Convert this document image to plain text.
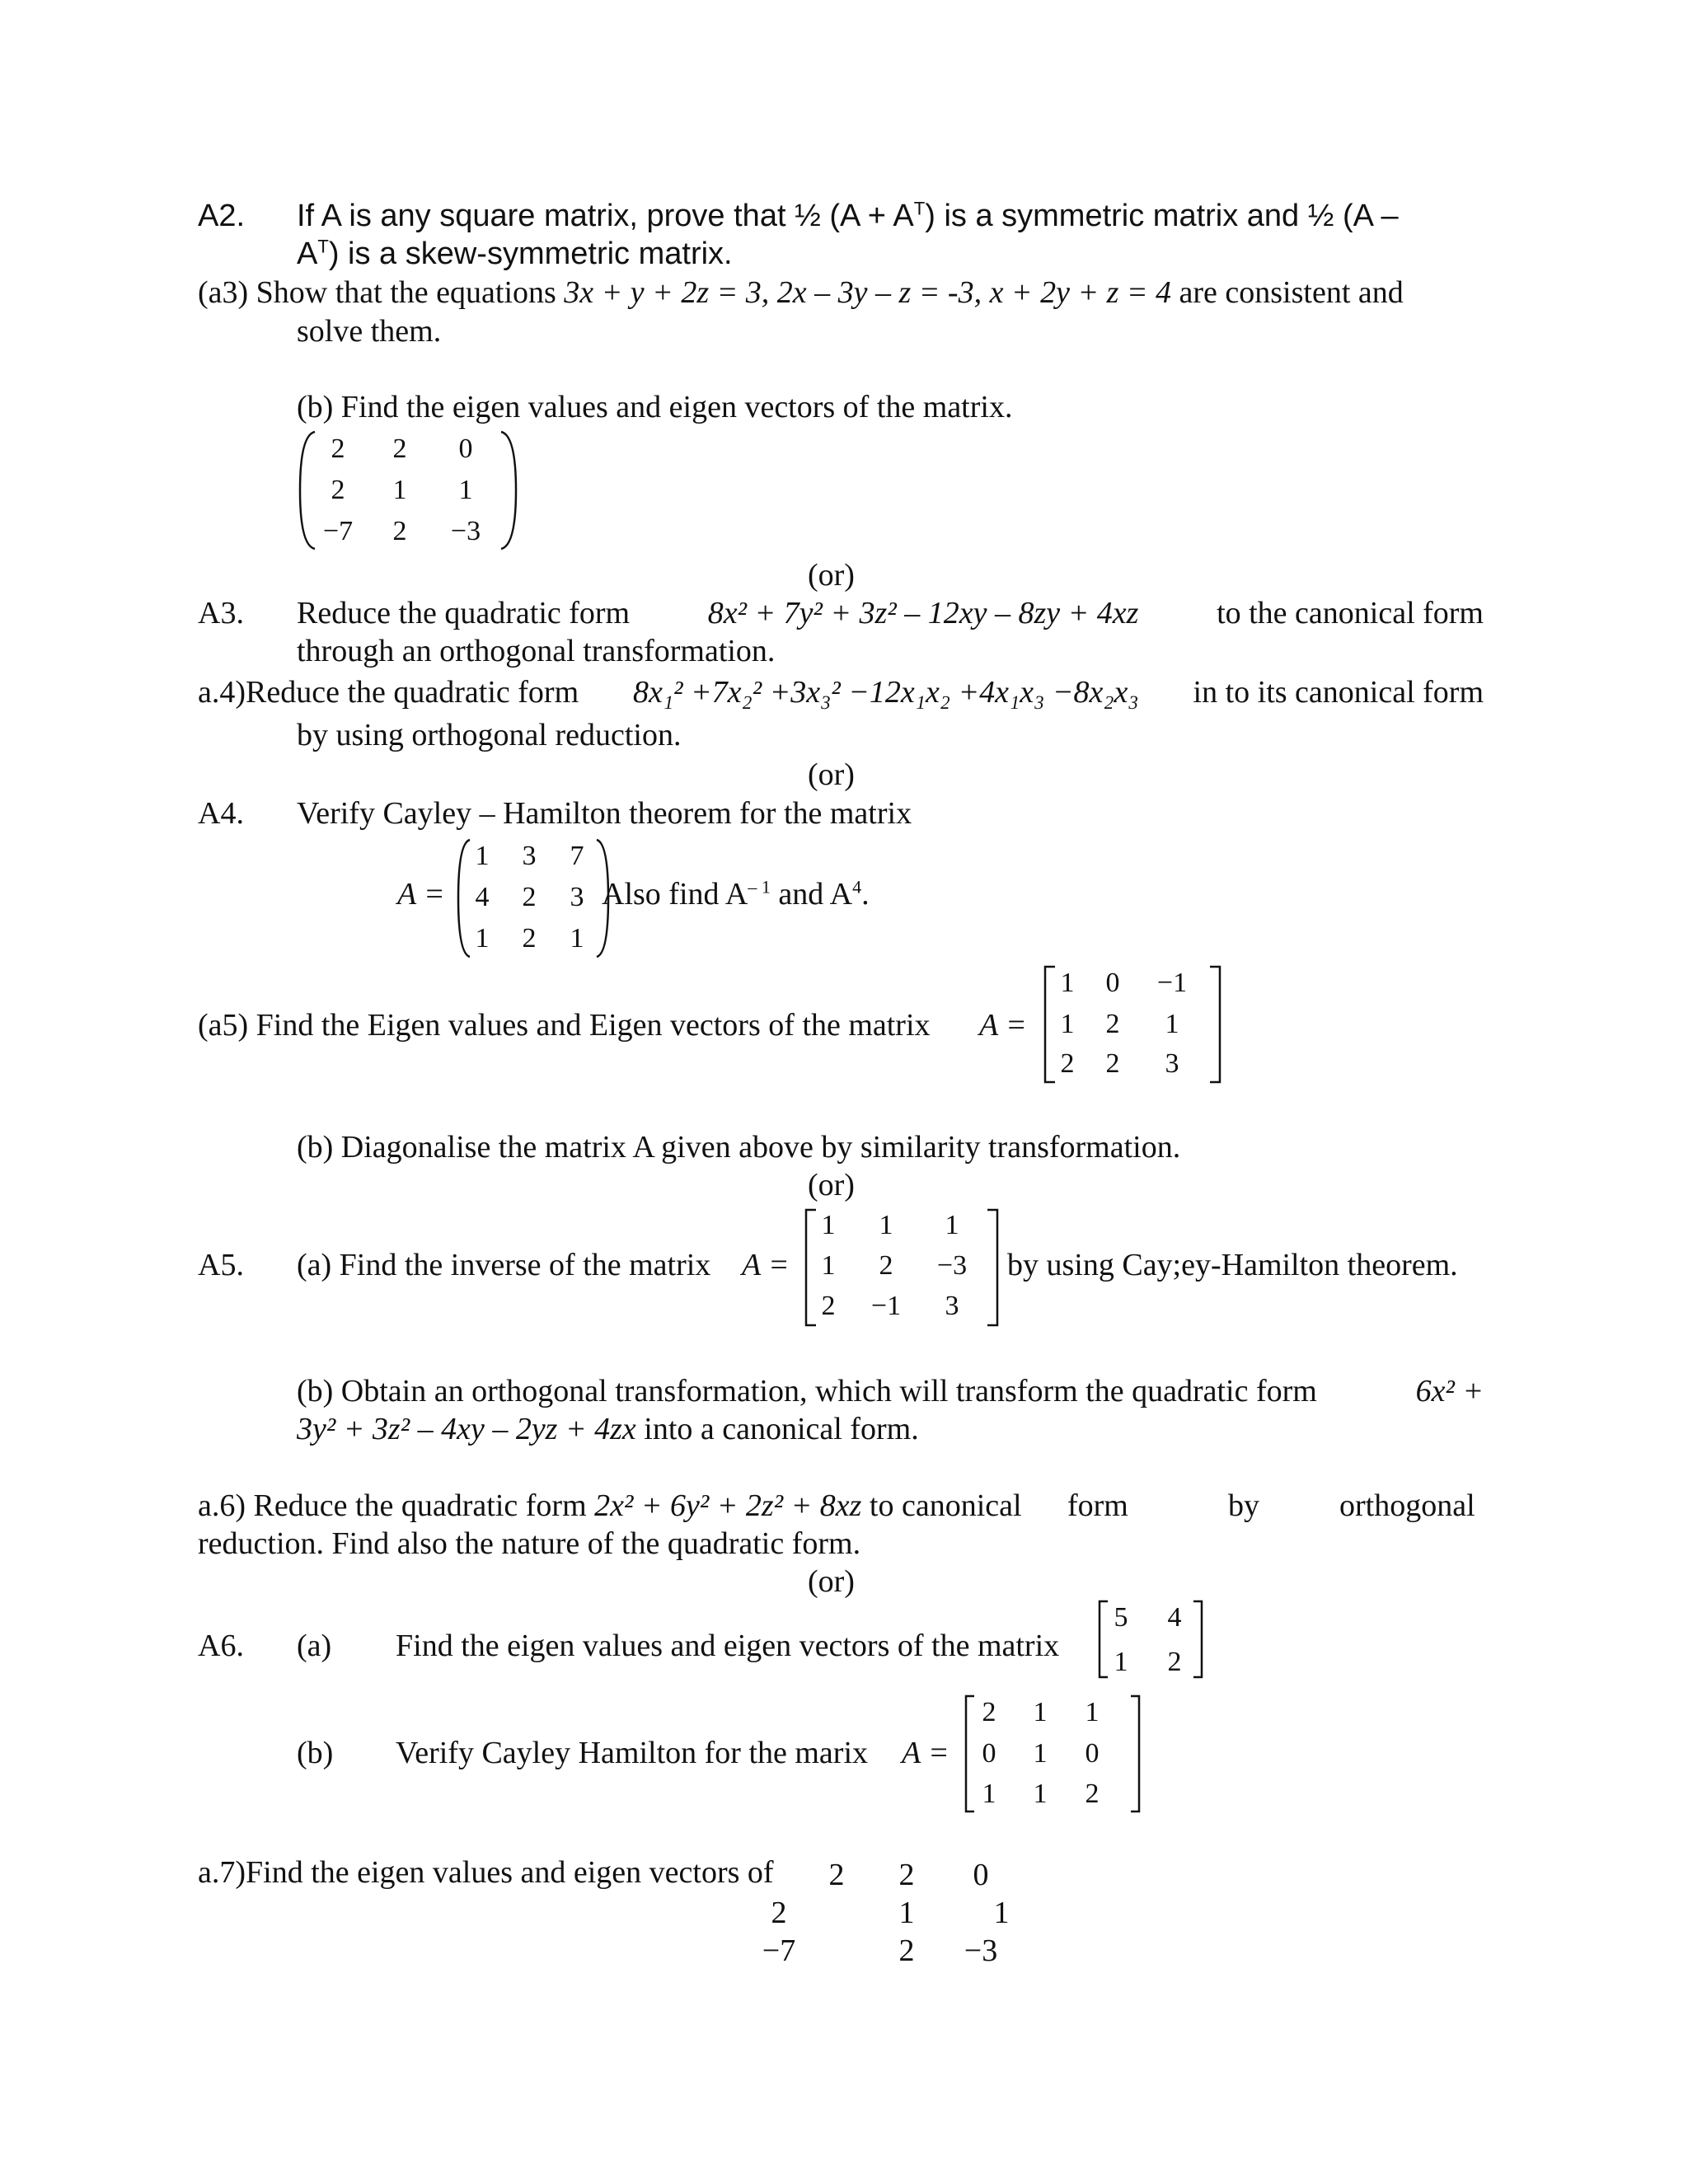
A2. If A is any square matrix, prove that ½ $(A + A^T)$ is a symmetric matrix and ½ (A –
$A^T$) is a skew-symmetric matrix.
(a3) Show that the equations 3x + y + 2z = 3, 2x – 3y – z = -3, x + 2y + z = 4 are consistent and
solve them.
(b) Find the eigen values and eigen vectors of the matrix.
2	2	0
2	1	1
−7	2	−3
(or)
A3. Reduce the quadratic form 8x² + 7y² + 3z² – 12xy – 8zy + 4xz to the canonical form
through an orthogonal transformation.
a.4)Reduce the quadratic form 8x₁² +7x₂² +3x₃² −12x₁x₂ +4x₁x₃ −8x₂x₃ in to its canonical form
by using orthogonal reduction.
(or)
A4. Verify Cayley – Hamilton theorem for the matrix
A =
1	3	7
4	2	3
1	2	1
Also find $A^{- 1}$ and $A^4$.
(a5) Find the Eigen values and Eigen vectors of the matrix A =
1	0	−1
1	2	1
2	2	3
(b) Diagonalise the matrix A given above by similarity transformation.
(or)
A5. (a) Find the inverse of the matrix A =
1	1	1
1	2	−3
2	−1	3
by using Cay;ey-Hamilton theorem.
(b) Obtain an orthogonal transformation, which will transform the quadratic form	6x² +
3y² + 3z² – 4xy – 2yz + 4zx into a canonical form.
a.6) Reduce the quadratic form 2x² + 6y² + 2z² + 8xz to canonical form	by	orthogonal
reduction. Find also the nature of the quadratic form.
(or)
A6. (a) Find the eigen values and eigen vectors of the matrix
5	4
1	2
(b) Verify Cayley Hamilton for the marix A =
2	1	1
0	1	0
1	1	2
a.7)Find the eigen values and eigen vectors of	2	2	0
2	1	1
−7	2	−3
